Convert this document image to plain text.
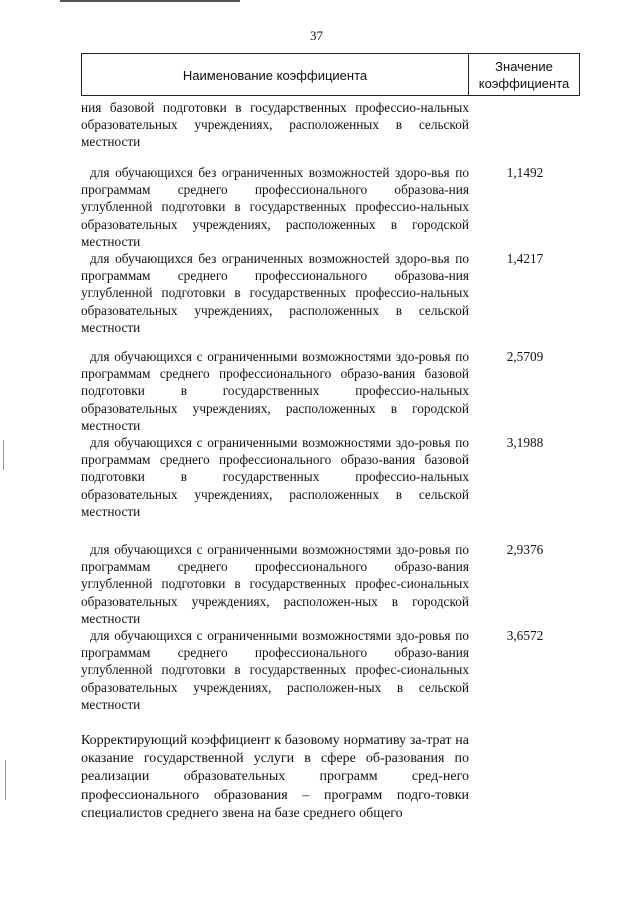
37
Наименование коэффициента
Значение
коэффициента
ния базовой подготовки в государственных профессио-нальных образовательных учреждениях, расположенных в сельской местности
для обучающихся без ограниченных возможностей здоро-вья по программам среднего профессионального образова-ния углубленной подготовки в государственных профессио-нальных образовательных учреждениях, расположенных в городской местности
1,1492
для обучающихся без ограниченных возможностей здоро-вья по программам среднего профессионального образова-ния углубленной подготовки в государственных профессио-нальных образовательных учреждениях, расположенных в сельской местности
1,4217
для обучающихся с ограниченными возможностями здо-ровья по программам среднего профессионального образо-вания базовой подготовки в государственных профессио-нальных образовательных учреждениях, расположенных в городской местности
2,5709
для обучающихся с ограниченными возможностями здо-ровья по программам среднего профессионального образо-вания базовой подготовки в государственных профессио-нальных образовательных учреждениях, расположенных в сельской местности
3,1988
для обучающихся с ограниченными возможностями здо-ровья по программам среднего профессионального образо-вания углубленной подготовки в государственных профес-сиональных образовательных учреждениях, расположен-ных в городской местности
2,9376
для обучающихся с ограниченными возможностями здо-ровья по программам среднего профессионального образо-вания углубленной подготовки в государственных профес-сиональных образовательных учреждениях, расположен-ных в сельской местности
3,6572
Корректирующий коэффициент к базовому нормативу за-трат на оказание государственной услуги в сфере об-разования по реализации образовательных программ сред-него профессионального образования – программ подго-товки специалистов среднего звена на базе среднего общего
